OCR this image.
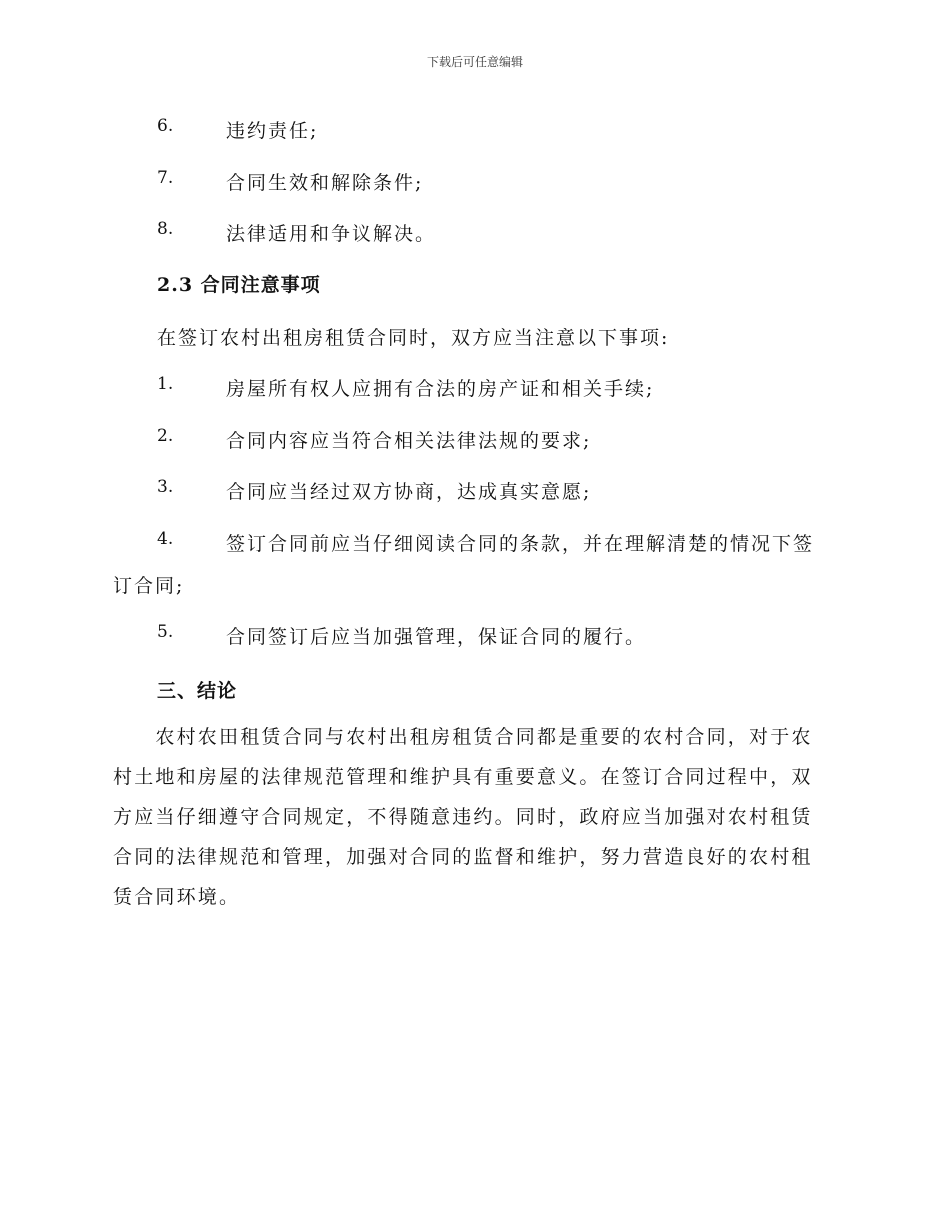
下载后可任意编辑
6.	违约责任;
7.	合同生效和解除条件;
8.	法律适用和争议解决。
2.3 合同注意事项
在签订农村出租房租赁合同时，双方应当注意以下事项:
1.	房屋所有权人应拥有合法的房产证和相关手续;
2.	合同内容应当符合相关法律法规的要求;
3.	合同应当经过双方协商，达成真实意愿;
4.	签订合同前应当仔细阅读合同的条款，并在理解清楚的情况下签
订合同;
5.	合同签订后应当加强管理，保证合同的履行。
三、结论
　　农村农田租赁合同与农村出租房租赁合同都是重要的农村合同，对于农
村土地和房屋的法律规范管理和维护具有重要意义。在签订合同过程中，双
方应当仔细遵守合同规定，不得随意违约。同时，政府应当加强对农村租赁
合同的法律规范和管理，加强对合同的监督和维护，努力营造良好的农村租
赁合同环境。
